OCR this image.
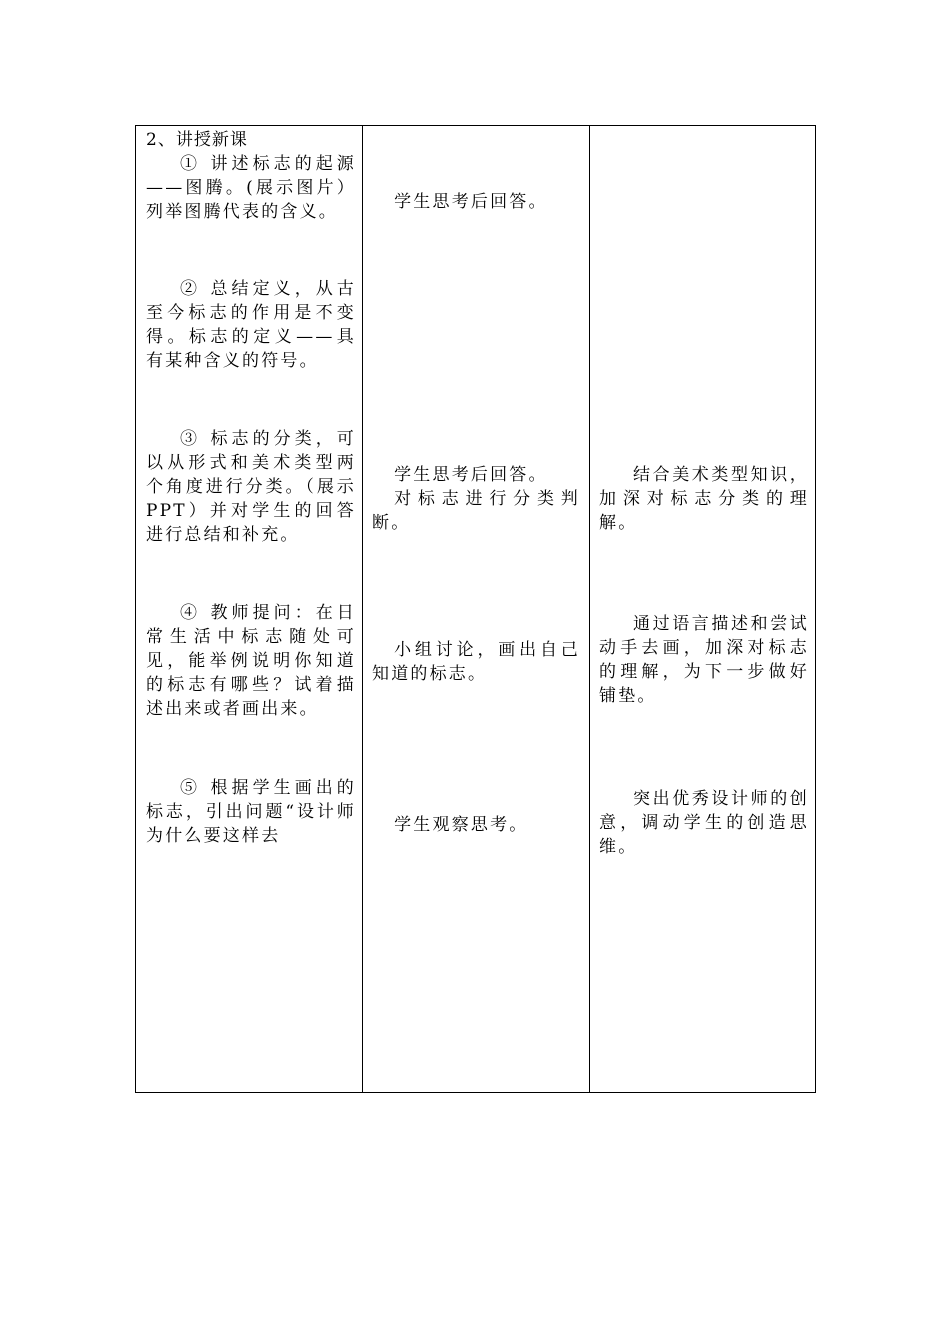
2、讲授新课

① 讲述标志的起源——图腾。(展示图片）列举图腾代表的含义。

② 总结定义，从古至今标志的作用是不变得。标志的定义——具有某种含义的符号。

③ 标志的分类，可以从形式和美术类型两个角度进行分类。（展示 PPT）并对学生的回答进行总结和补充。

④ 教师提问：在日常生活中标志随处可见，能举例说明你知道的标志有哪些？试着描述出来或者画出来。

⑤ 根据学生画出的标志，引出问题“设计师为什么要这样去

学生思考后回答。

学生思考后回答。

对标志进行分类判断。

小组讨论，画出自己知道的标志。

学生观察思考。

结合美术类型知识，加深对标志分类的理解。

通过语言描述和尝试动手去画，加深对标志的理解，为下一步做好铺垫。

突出优秀设计师的创意，调动学生的创造思维。
